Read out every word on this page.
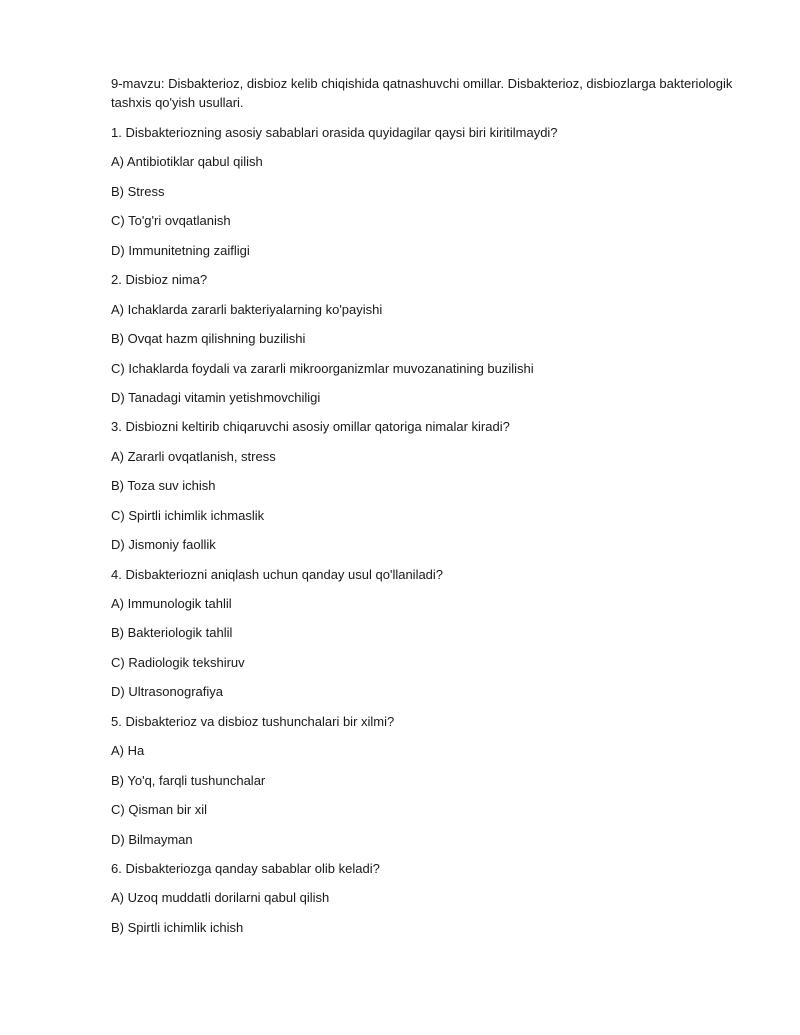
9-mavzu: Disbakterioz, disbioz kelib chiqishida qatnashuvchi omillar. Disbakterioz, disbiozlarga bakteriologik tashxis qo'yish usullari.

1. Disbakteriozning asosiy sabablari orasida quyidagilar qaysi biri kiritilmaydi?

A) Antibiotiklar qabul qilish

B) Stress

C) To'g'ri ovqatlanish

D) Immunitetning zaifligi

2. Disbioz nima?

A) Ichaklarda zararli bakteriyalarning ko'payishi

B) Ovqat hazm qilishning buzilishi

C) Ichaklarda foydali va zararli mikroorganizmlar muvozanatining buzilishi

D) Tanadagi vitamin yetishmovchiligi

3. Disbiozni keltirib chiqaruvchi asosiy omillar qatoriga nimalar kiradi?

A) Zararli ovqatlanish, stress

B) Toza suv ichish

C) Spirtli ichimlik ichmaslik

D) Jismoniy faollik

4. Disbakteriozni aniqlash uchun qanday usul qo'llaniladi?

A) Immunologik tahlil

B) Bakteriologik tahlil

C) Radiologik tekshiruv

D) Ultrasonografiya

5. Disbakterioz va disbioz tushunchalari bir xilmi?

A) Ha

B) Yo'q, farqli tushunchalar

C) Qisman bir xil

D) Bilmayman

6. Disbakteriozga qanday sabablar olib keladi?

A) Uzoq muddatli dorilarni qabul qilish

B) Spirtli ichimlik ichish
